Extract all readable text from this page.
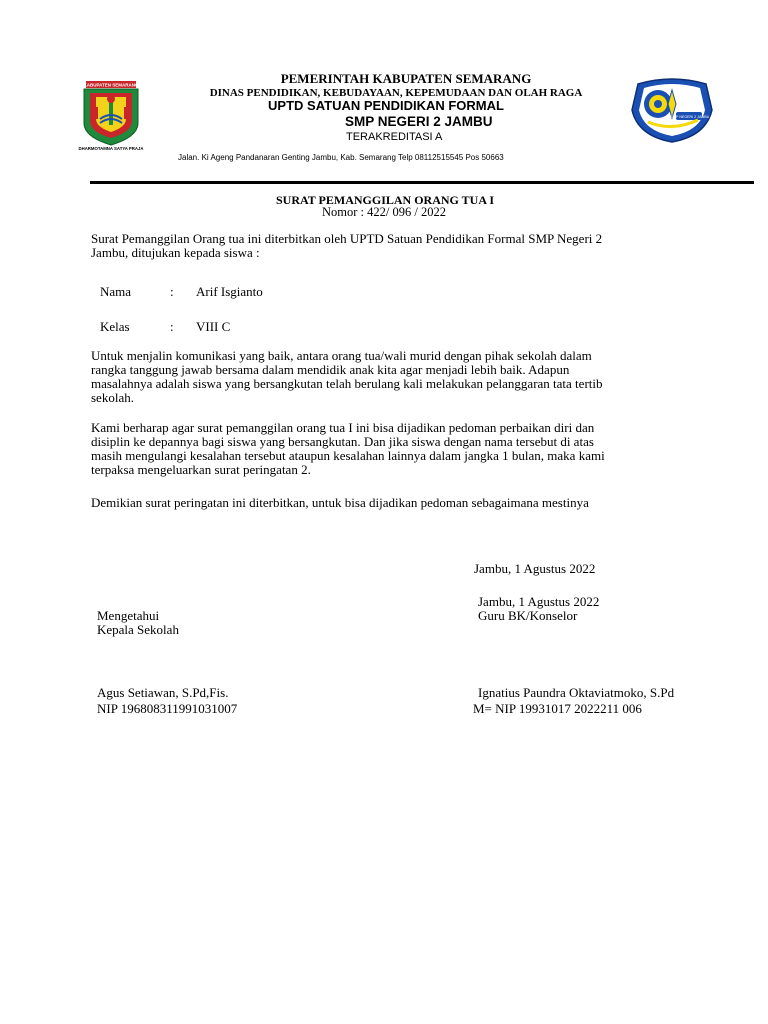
KABUPATEN SEMARANG
DHARMOTAMNA SATYA PRAJA
SMP NEGERI 2 JAMBU
PEMERINTAH KABUPATEN SEMARANG
DINAS PENDIDIKAN, KEBUDAYAAN, KEPEMUDAAN DAN OLAH RAGA
UPTD SATUAN PENDIDIKAN FORMAL
SMP NEGERI 2 JAMBU
TERAKREDITASI A
Jalan. Ki Ageng Pandanaran Genting Jambu, Kab. Semarang Telp 08112515545 Pos 50663
SURAT PEMANGGILAN ORANG TUA I
Nomor : 422/ 096 / 2022
Surat Pemanggilan Orang tua ini diterbitkan oleh UPTD Satuan Pendidikan Formal SMP Negeri 2
Jambu, ditujukan kepada siswa :
Nama	: Arif Isgianto
Kelas	: VIII C
Untuk menjalin komunikasi yang baik, antara orang tua/wali murid dengan pihak sekolah dalam
rangka tanggung jawab bersama dalam mendidik anak kita agar menjadi lebih baik. Adapun
masalahnya adalah siswa yang bersangkutan telah berulang kali melakukan pelanggaran tata tertib
sekolah.
Kami berharap agar surat pemanggilan orang tua I ini bisa dijadikan pedoman perbaikan diri dan
disiplin ke depannya bagi siswa yang bersangkutan. Dan jika siswa dengan nama tersebut di atas
masih mengulangi kesalahan tersebut ataupun kesalahan lainnya dalam jangka 1 bulan, maka kami
terpaksa mengeluarkan surat peringatan 2.
Demikian surat peringatan ini diterbitkan, untuk bisa dijadikan pedoman sebagaimana mestinya
Jambu, 1 Agustus 2022
Jambu, 1 Agustus 2022
Mengetahui
Kepala Sekolah
Guru BK/Konselor
Agus Setiawan, S.Pd,Fis.
NIP 196808311991031007
Ignatius Paundra Oktaviatmoko, S.Pd
M= NIP 19931017 2022211 006
